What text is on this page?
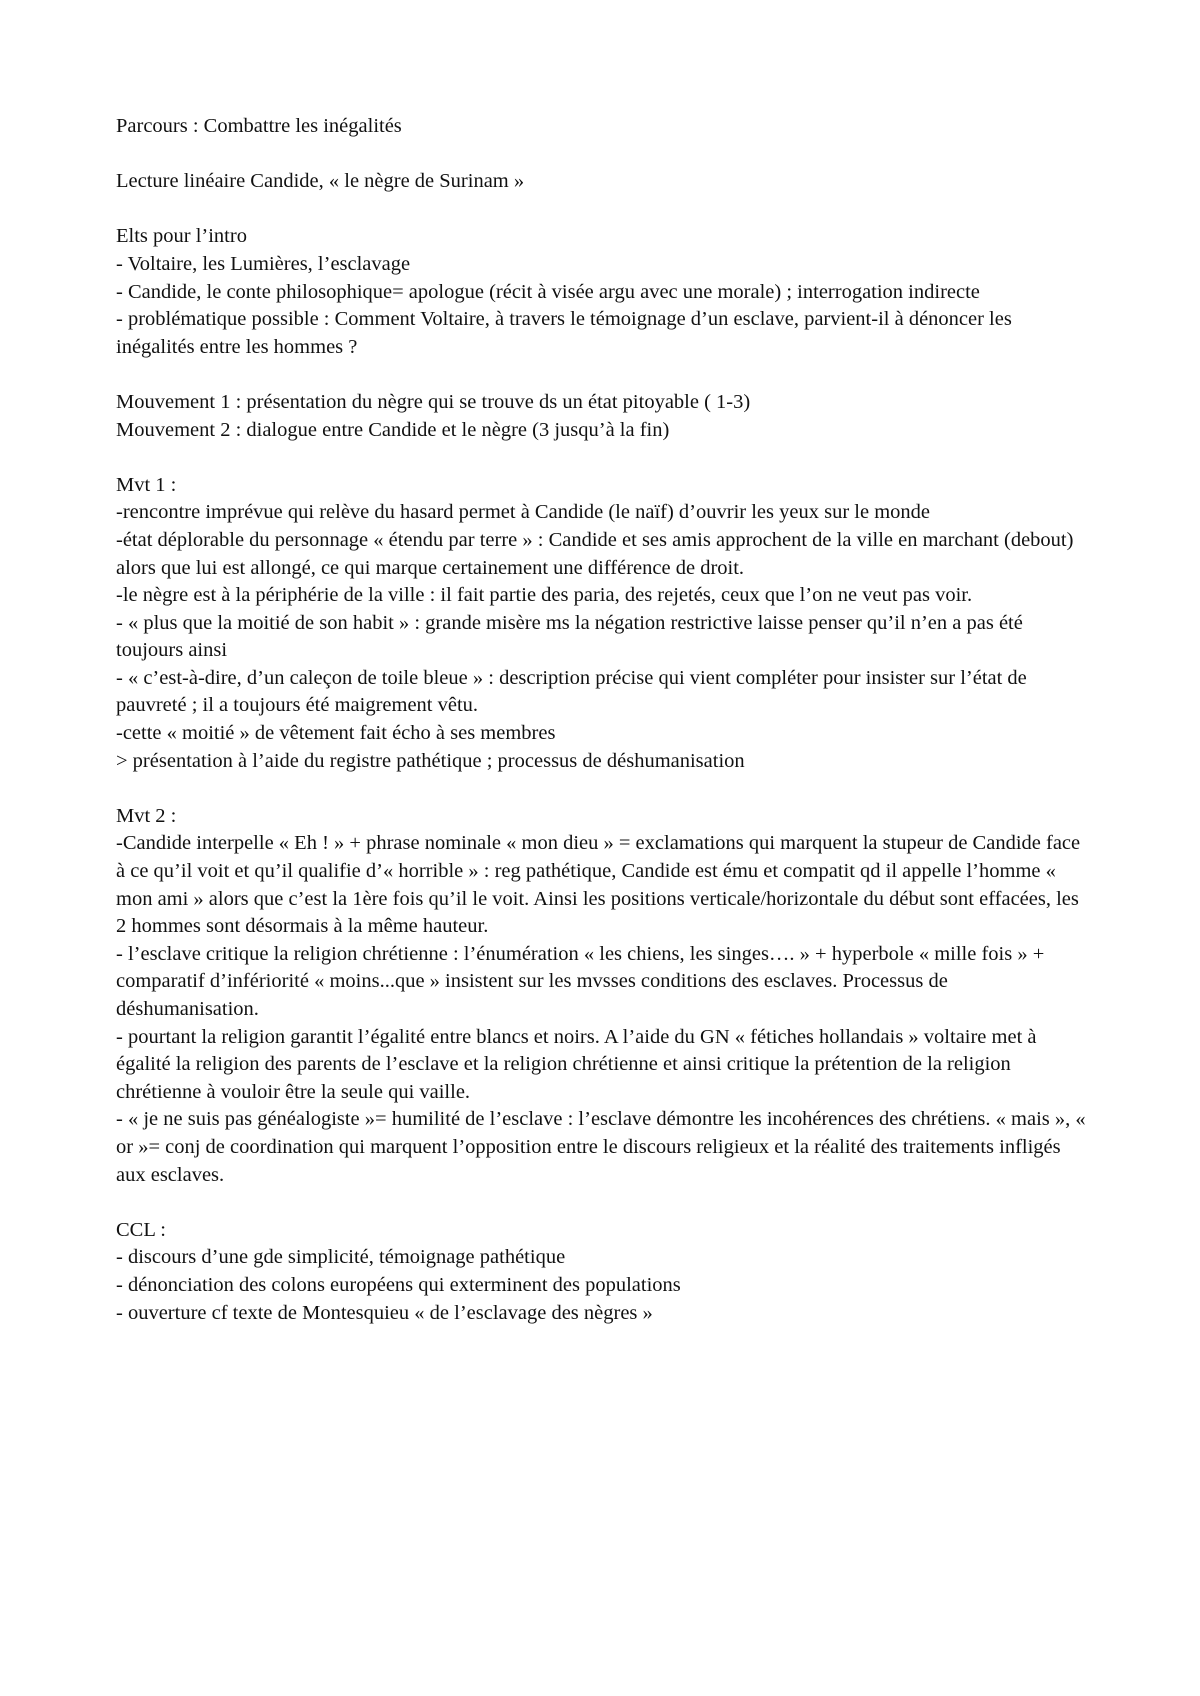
Parcours : Combattre les inégalités

Lecture linéaire Candide, « le nègre de Surinam »

Elts pour l’intro

- Voltaire, les Lumières, l’esclavage

- Candide, le conte philosophique= apologue (récit à visée argu avec une morale) ; interrogation indirecte

- problématique possible : Comment Voltaire, à travers le témoignage d’un esclave, parvient-il à dénoncer les inégalités entre les hommes ?

Mouvement 1 : présentation du nègre qui se trouve ds un état pitoyable ( 1-3)

Mouvement 2 : dialogue entre Candide et le nègre (3 jusqu’à la fin)

Mvt 1 :

-rencontre imprévue qui relève du hasard permet à Candide (le naïf) d’ouvrir les yeux sur le monde

-état déplorable du personnage « étendu par terre » : Candide et ses amis approchent de la ville en marchant (debout) alors que lui est allongé, ce qui marque certainement une différence de droit.

-le nègre est à la périphérie de la ville : il fait partie des paria, des rejetés, ceux que l’on ne veut pas voir.

- « plus que la moitié de son habit » : grande misère ms la négation restrictive laisse penser qu’il n’en a pas été toujours ainsi

- « c’est-à-dire, d’un caleçon de toile bleue » : description précise qui vient compléter pour insister sur l’état de pauvreté ; il a toujours été maigrement vêtu.

-cette « moitié » de vêtement fait écho à ses membres

> présentation à l’aide du registre pathétique ; processus de déshumanisation

Mvt 2 :

-Candide interpelle « Eh ! » + phrase nominale « mon dieu » = exclamations qui marquent la stupeur de Candide face à ce qu’il voit et qu’il qualifie d’« horrible » : reg pathétique, Candide est ému et compatit qd il appelle l’homme « mon ami » alors que c’est la 1ère fois qu’il le voit. Ainsi les positions verticale/horizontale du début sont effacées, les 2 hommes sont désormais à la même hauteur.

- l’esclave critique la religion chrétienne : l’énumération « les chiens, les singes…. » + hyperbole « mille fois » + comparatif d’infériorité « moins...que » insistent sur les mvsses conditions des esclaves. Processus de déshumanisation.

- pourtant la religion garantit l’égalité entre blancs et noirs. A l’aide du GN « fétiches hollandais » voltaire met à égalité la religion des parents de l’esclave et la religion chrétienne et ainsi critique la prétention de la religion chrétienne à vouloir être la seule qui vaille.

- « je ne suis pas généalogiste »= humilité de l’esclave : l’esclave démontre les incohérences des chrétiens. « mais », « or »= conj de coordination qui marquent l’opposition entre le discours religieux et la réalité des traitements infligés aux esclaves.

CCL :

- discours d’une gde simplicité, témoignage pathétique

- dénonciation des colons européens qui exterminent des populations

- ouverture cf texte de Montesquieu « de l’esclavage des nègres »
